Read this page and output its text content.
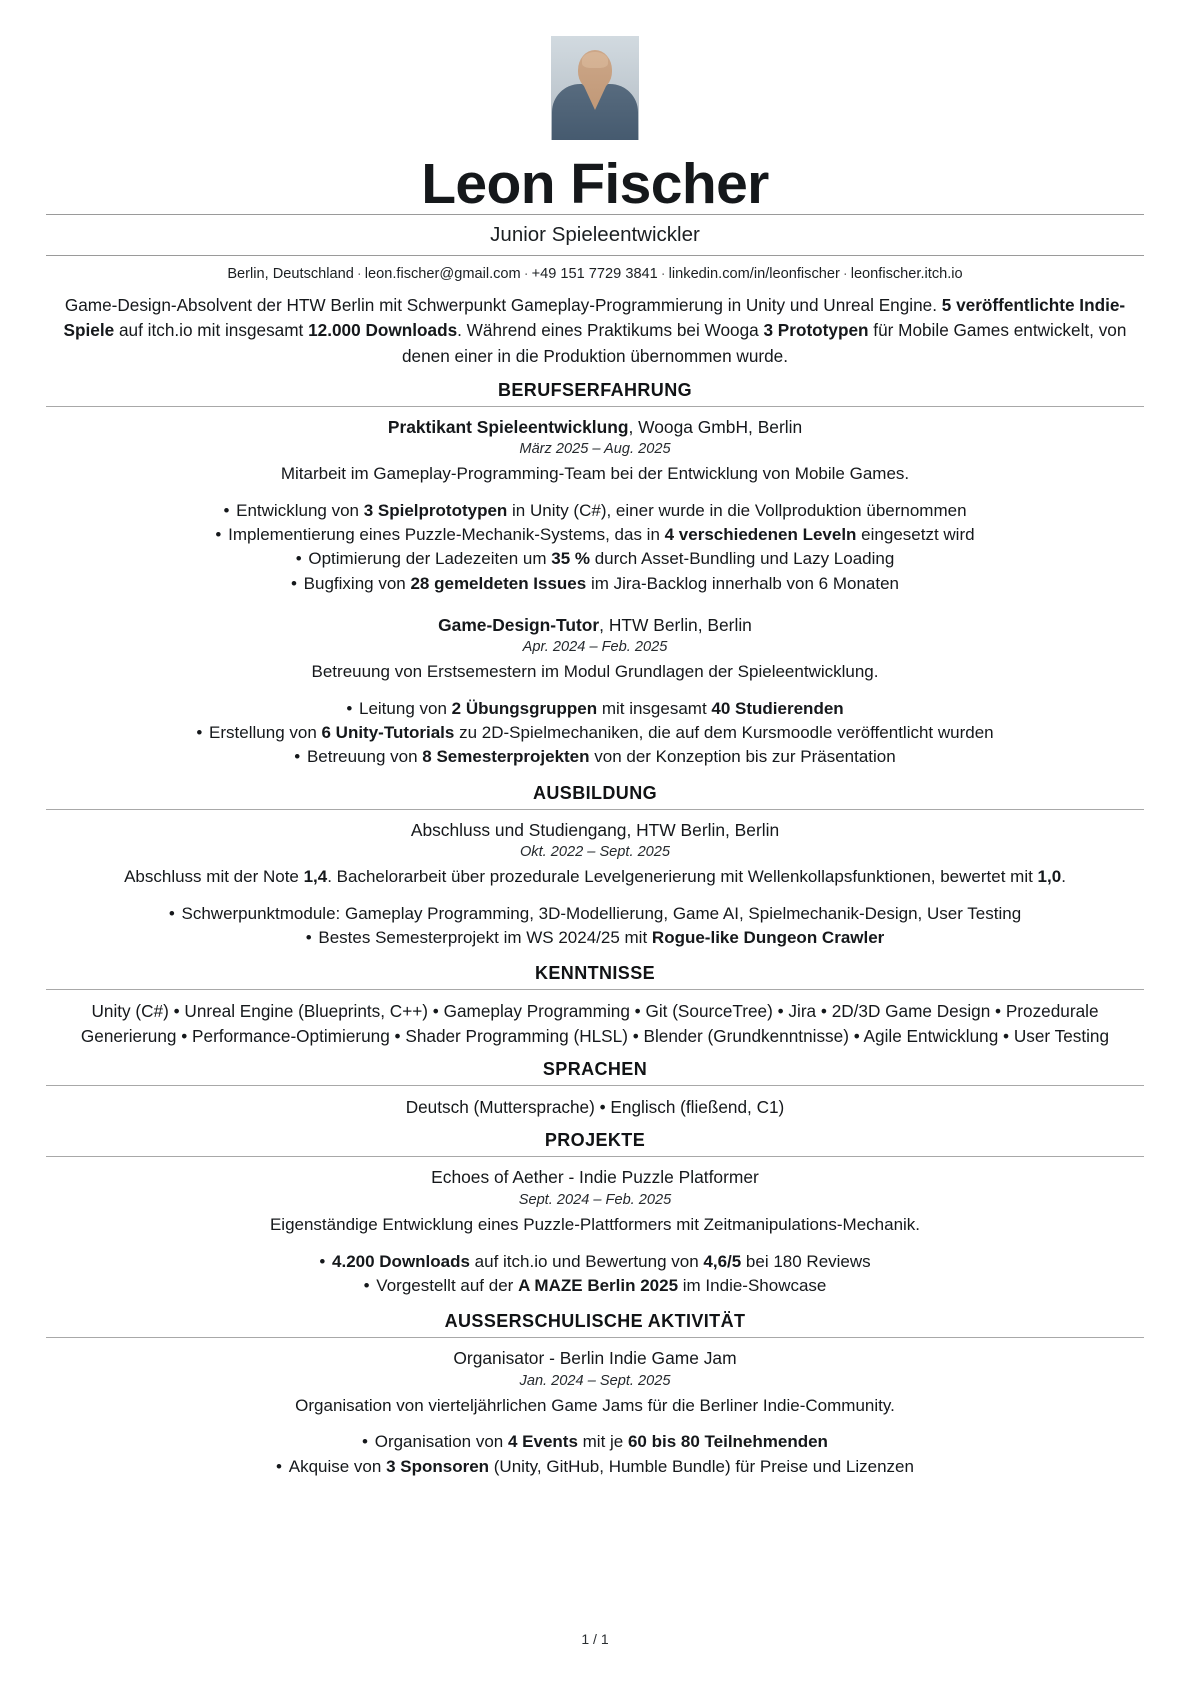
Leon Fischer
Junior Spieleentwickler
Berlin, Deutschland · leon.fischer@gmail.com · +49 151 7729 3841 · linkedin.com/in/leonfischer · leonfischer.itch.io
Game-Design-Absolvent der HTW Berlin mit Schwerpunkt Gameplay-Programmierung in Unity und Unreal Engine. 5 veröffentlichte Indie-Spiele auf itch.io mit insgesamt 12.000 Downloads. Während eines Praktikums bei Wooga 3 Prototypen für Mobile Games entwickelt, von denen einer in die Produktion übernommen wurde.
BERUFSERFAHRUNG
Praktikant Spieleentwicklung, Wooga GmbH, Berlin
März 2025 – Aug. 2025
Mitarbeit im Gameplay-Programming-Team bei der Entwicklung von Mobile Games.
• Entwicklung von 3 Spielprototypen in Unity (C#), einer wurde in die Vollproduktion übernommen
• Implementierung eines Puzzle-Mechanik-Systems, das in 4 verschiedenen Leveln eingesetzt wird
• Optimierung der Ladezeiten um 35 % durch Asset-Bundling und Lazy Loading
• Bugfixing von 28 gemeldeten Issues im Jira-Backlog innerhalb von 6 Monaten
Game-Design-Tutor, HTW Berlin, Berlin
Apr. 2024 – Feb. 2025
Betreuung von Erstsemestern im Modul Grundlagen der Spieleentwicklung.
• Leitung von 2 Übungsgruppen mit insgesamt 40 Studierenden
• Erstellung von 6 Unity-Tutorials zu 2D-Spielmechaniken, die auf dem Kursmoodle veröffentlicht wurden
• Betreuung von 8 Semesterprojekten von der Konzeption bis zur Präsentation
AUSBILDUNG
Abschluss und Studiengang, HTW Berlin, Berlin
Okt. 2022 – Sept. 2025
Abschluss mit der Note 1,4. Bachelorarbeit über prozedurale Levelgenerierung mit Wellenkollapsfunktionen, bewertet mit 1,0.
• Schwerpunktmodule: Gameplay Programming, 3D-Modellierung, Game AI, Spielmechanik-Design, User Testing
• Bestes Semesterprojekt im WS 2024/25 mit Rogue-like Dungeon Crawler
KENNTNISSE
Unity (C#) • Unreal Engine (Blueprints, C++) • Gameplay Programming • Git (SourceTree) • Jira • 2D/3D Game Design • Prozedurale Generierung • Performance-Optimierung • Shader Programming (HLSL) • Blender (Grundkenntnisse) • Agile Entwicklung • User Testing
SPRACHEN
Deutsch (Muttersprache) • Englisch (fließend, C1)
PROJEKTE
Echoes of Aether - Indie Puzzle Platformer
Sept. 2024 – Feb. 2025
Eigenständige Entwicklung eines Puzzle-Plattformers mit Zeitmanipulations-Mechanik.
• 4.200 Downloads auf itch.io und Bewertung von 4,6/5 bei 180 Reviews
• Vorgestellt auf der A MAZE Berlin 2025 im Indie-Showcase
AUSSERSCHULISCHE AKTIVITÄT
Organisator - Berlin Indie Game Jam
Jan. 2024 – Sept. 2025
Organisation von vierteljährlichen Game Jams für die Berliner Indie-Community.
• Organisation von 4 Events mit je 60 bis 80 Teilnehmenden
• Akquise von 3 Sponsoren (Unity, GitHub, Humble Bundle) für Preise und Lizenzen
1 / 1
